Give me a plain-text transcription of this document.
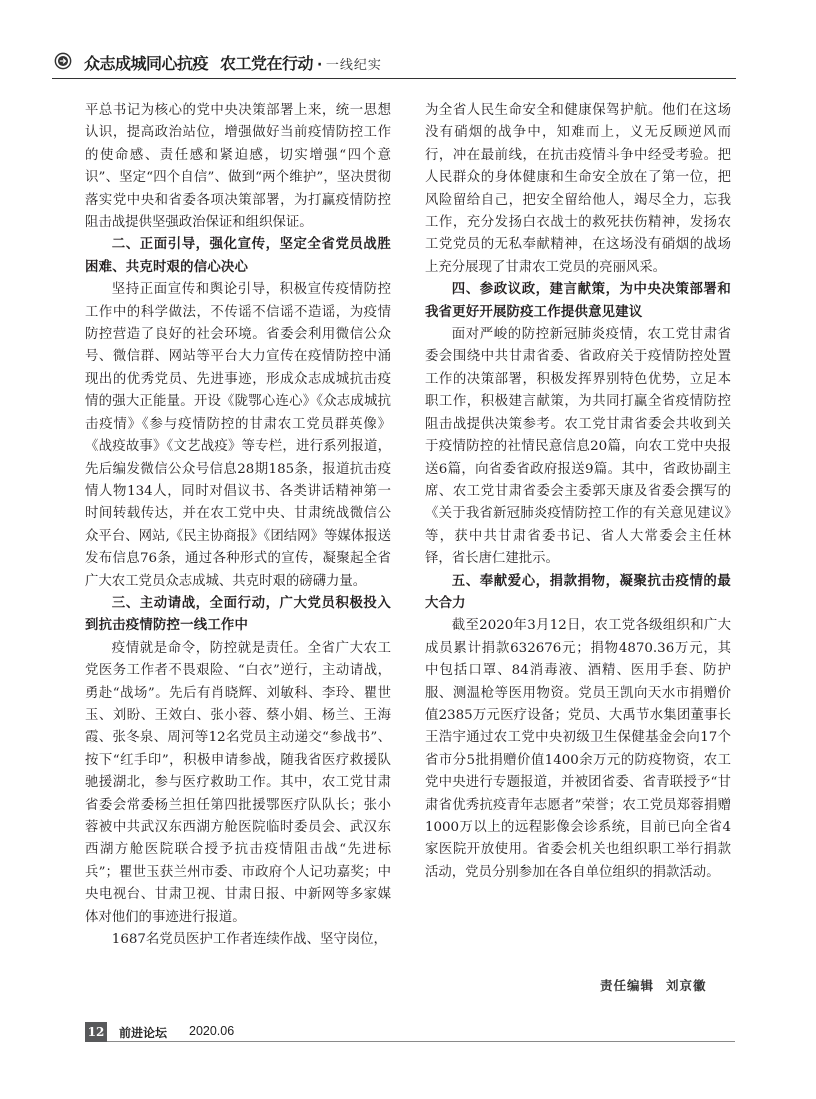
众志成城同心抗疫 农工党在行动 · 一线纪实

平总书记为核心的党中央决策部署上来，统一思想认识，提高政治站位，增强做好当前疫情防控工作的使命感、责任感和紧迫感，切实增强“四个意识”、坚定“四个自信”、做到“两个维护”，坚决贯彻落实党中央和省委各项决策部署，为打赢疫情防控阻击战提供坚强政治保证和组织保证。

二、正面引导，强化宣传，坚定全省党员战胜困难、共克时艰的信心决心

坚持正面宣传和舆论引导，积极宣传疫情防控工作中的科学做法，不传谣不信谣不造谣，为疫情防控营造了良好的社会环境。省委会利用微信公众号、微信群、网站等平台大力宣传在疫情防控中涌现出的优秀党员、先进事迹，形成众志成城抗击疫情的强大正能量。开设《陇鄂心连心》《众志成城抗击疫情》《参与疫情防控的甘肃农工党员群英像》《战疫故事》《文艺战疫》等专栏，进行系列报道，先后编发微信公众号信息28期185条，报道抗击疫情人物134人，同时对倡议书、各类讲话精神第一时间转载传达，并在农工党中央、甘肃统战微信公众平台、网站,《民主协商报》《团结网》等媒体报送发布信息76条，通过各种形式的宣传，凝聚起全省广大农工党员众志成城、共克时艰的磅礴力量。

三、主动请战，全面行动，广大党员积极投入到抗击疫情防控一线工作中

疫情就是命令，防控就是责任。全省广大农工党医务工作者不畏艰险、“白衣”逆行，主动请战，勇赴“战场”。先后有肖晓辉、刘敏科、李玲、瞿世玉、刘盼、王效白、张小蓉、蔡小娟、杨兰、王海霞、张冬泉、周河等12名党员主动递交“参战书”、按下“红手印”，积极申请参战，随我省医疗救援队驰援湖北，参与医疗救助工作。其中，农工党甘肃省委会常委杨兰担任第四批援鄂医疗队队长；张小蓉被中共武汉东西湖方舱医院临时委员会、武汉东西湖方舱医院联合授予抗击疫情阻击战“先进标兵”；瞿世玉获兰州市委、市政府个人记功嘉奖；中央电视台、甘肃卫视、甘肃日报、中新网等多家媒体对他们的事迹进行报道。

1687名党员医护工作者连续作战、坚守岗位，

为全省人民生命安全和健康保驾护航。他们在这场没有硝烟的战争中，知难而上，义无反顾逆风而行，冲在最前线，在抗击疫情斗争中经受考验。把人民群众的身体健康和生命安全放在了第一位，把风险留给自己，把安全留给他人，竭尽全力，忘我工作，充分发扬白衣战士的救死扶伤精神，发扬农工党党员的无私奉献精神，在这场没有硝烟的战场上充分展现了甘肃农工党员的亮丽风采。

四、参政议政，建言献策，为中央决策部署和我省更好开展防疫工作提供意见建议

面对严峻的防控新冠肺炎疫情，农工党甘肃省委会围绕中共甘肃省委、省政府关于疫情防控处置工作的决策部署，积极发挥界别特色优势，立足本职工作，积极建言献策，为共同打赢全省疫情防控阻击战提供决策参考。农工党甘肃省委会共收到关于疫情防控的社情民意信息20篇，向农工党中央报送6篇，向省委省政府报送9篇。其中，省政协副主席、农工党甘肃省委会主委郭天康及省委会撰写的《关于我省新冠肺炎疫情防控工作的有关意见建议》等，获中共甘肃省委书记、省人大常委会主任林铎，省长唐仁建批示。

五、奉献爱心，捐款捐物，凝聚抗击疫情的最大合力

截至2020年3月12日，农工党各级组织和广大成员累计捐款632676元；捐物4870.36万元，其中包括口罩、84消毒液、酒精、医用手套、防护服、测温枪等医用物资。党员王凯向天水市捐赠价值2385万元医疗设备；党员、大禹节水集团董事长王浩宇通过农工党中央初级卫生保健基金会向17个省市分5批捐赠价值1400余万元的防疫物资，农工党中央进行专题报道，并被团省委、省青联授予“甘肃省优秀抗疫青年志愿者”荣誉；农工党员郑蓉捐赠1000万以上的远程影像会诊系统，目前已向全省4家医院开放使用。省委会机关也组织职工举行捐款活动，党员分别参加在各自单位组织的捐款活动。

责任编辑 刘京徽
12 前进论坛 2020.06
